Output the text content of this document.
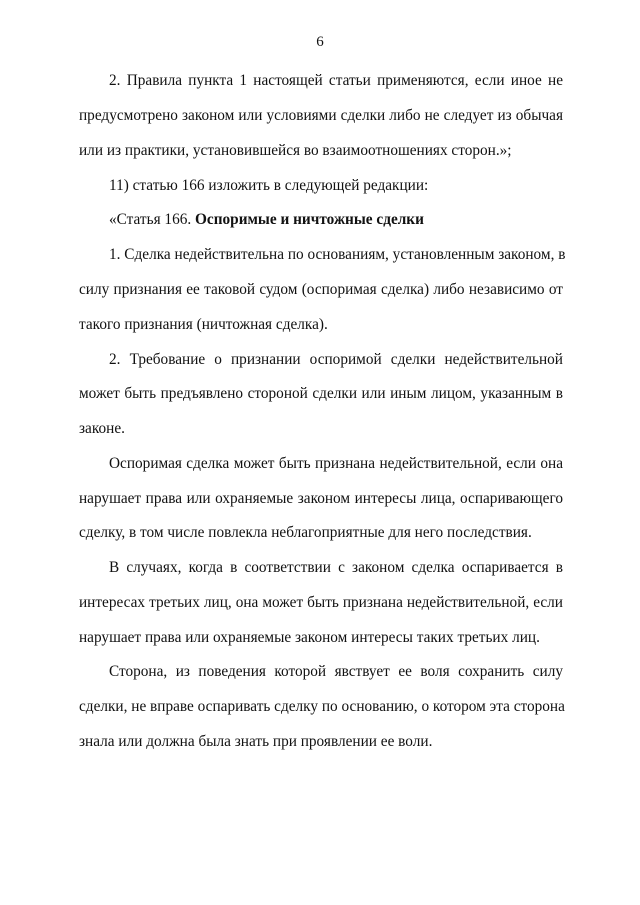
6
2. Правила пункта 1 настоящей статьи применяются, если иное не
предусмотрено законом или условиями сделки либо не следует из обычая
или из практики, установившейся во взаимоотношениях сторон.»;
11) статью 166 изложить в следующей редакции:
«Статья 166. Оспоримые и ничтожные сделки
1. Сделка недействительна по основаниям, установленным законом, в
силу признания ее таковой судом (оспоримая сделка) либо независимо от
такого признания (ничтожная сделка).
2. Требование о признании оспоримой сделки недействительной
может быть предъявлено стороной сделки или иным лицом, указанным в
законе.
Оспоримая сделка может быть признана недействительной, если она
нарушает права или охраняемые законом интересы лица, оспаривающего
сделку, в том числе повлекла неблагоприятные для него последствия.
В случаях, когда в соответствии с законом сделка оспаривается в
интересах третьих лиц, она может быть признана недействительной, если
нарушает права или охраняемые законом интересы таких третьих лиц.
Сторона, из поведения которой явствует ее воля сохранить силу
сделки, не вправе оспаривать сделку по основанию, о котором эта сторона
знала или должна была знать при проявлении ее воли.
